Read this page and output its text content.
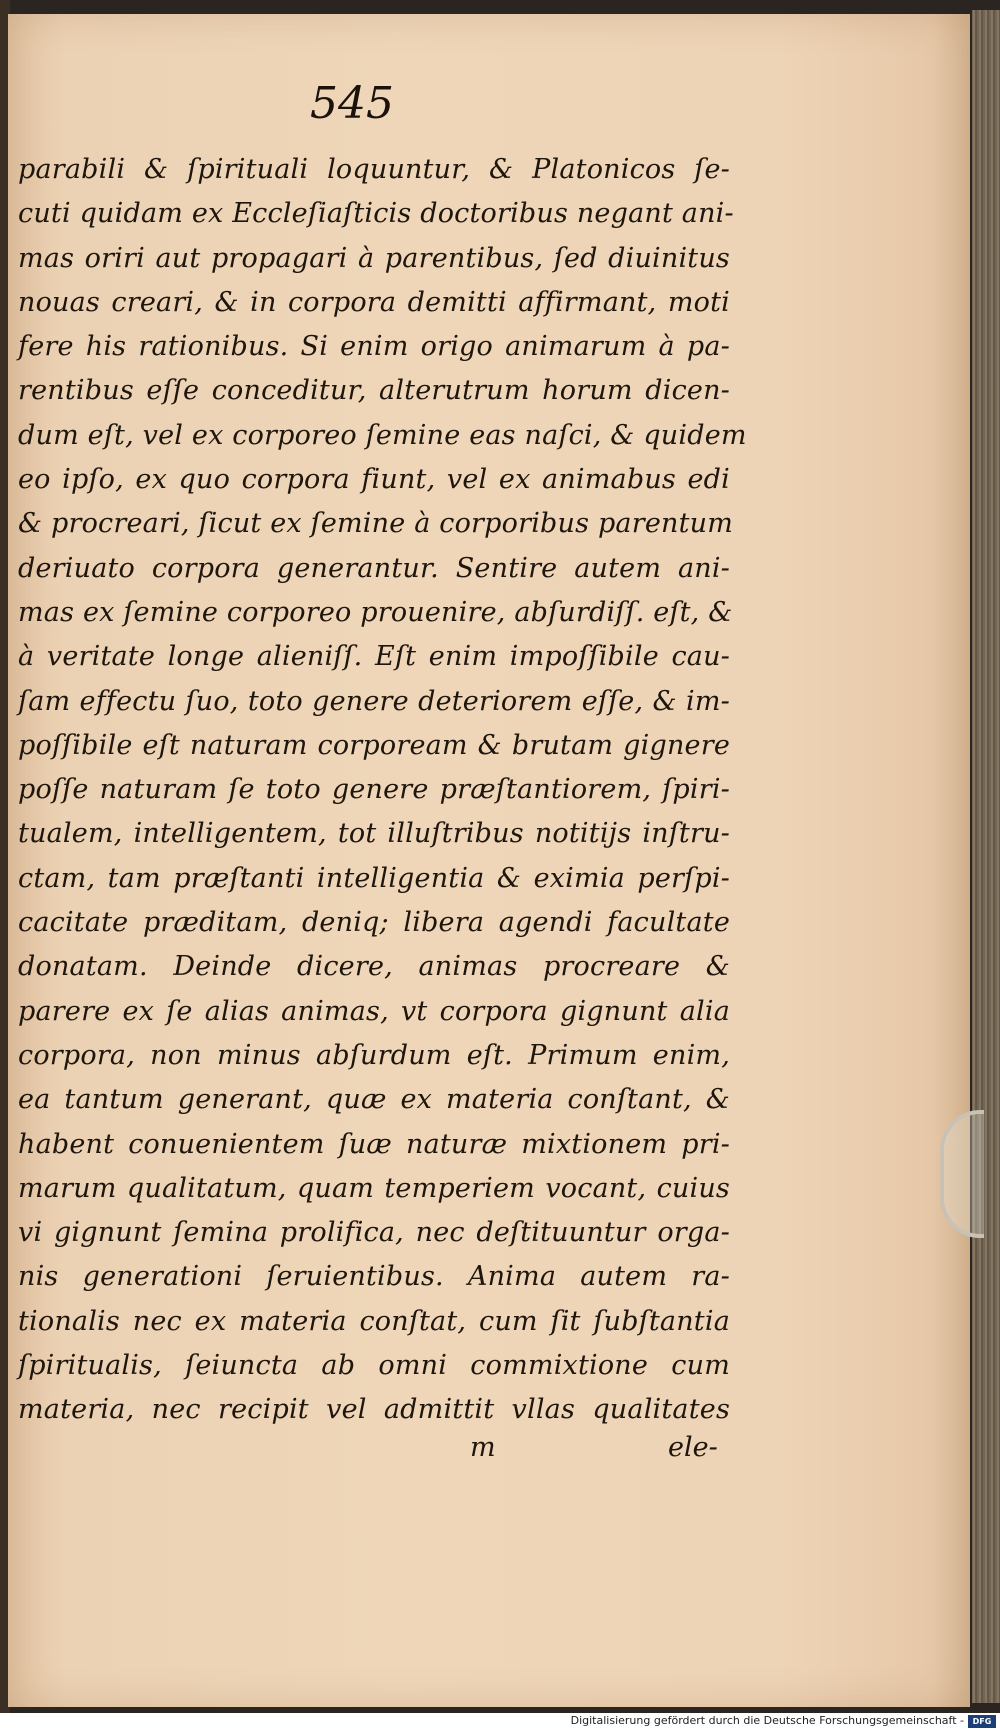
545
parabili & ſpirituali loquuntur, & Platonicos ſe-
cuti quidam ex Eccleſiaſticis doctoribus negant ani-
mas oriri aut propagari à parentibus, ſed diuinitus
nouas creari, & in corpora demitti affirmant, moti
fere his rationibus. Si enim origo animarum à pa-
rentibus eſſe conceditur, alterutrum horum dicen-
dum eſt, vel ex corporeo ſemine eas naſci, & quidem
eo ipſo, ex quo corpora fiunt, vel ex animabus edi
& procreari, ſicut ex ſemine à corporibus parentum
deriuato corpora generantur. Sentire autem ani-
mas ex ſemine corporeo prouenire, abſurdiſſ. eſt, &
à veritate longe alieniſſ. Eſt enim impoſſibile cau-
ſam effectu ſuo, toto genere deteriorem eſſe, & im-
poſſibile eſt naturam corpoream & brutam gignere
poſſe naturam ſe toto genere præſtantiorem, ſpiri-
tualem, intelligentem, tot illuſtribus notitijs inſtru-
ctam, tam præſtanti intelligentia & eximia perſpi-
cacitate præditam, deniq; libera agendi facultate
donatam. Deinde dicere, animas procreare &
parere ex ſe alias animas, vt corpora gignunt alia
corpora, non minus abſurdum eſt. Primum enim,
ea tantum generant, quæ ex materia conſtant, &
habent conuenientem ſuæ naturæ mixtionem pri-
marum qualitatum, quam temperiem vocant, cuius
vi gignunt ſemina prolifica, nec deſtituuntur orga-
nis generationi ſeruientibus. Anima autem ra-
tionalis nec ex materia conſtat, cum ſit ſubſtantia
ſpiritualis, ſeiuncta ab omni commixtione cum
materia, nec recipit vel admittit vllas qualitates
m	ele-
Digitalisierung gefördert durch die Deutsche Forschungsgemeinschaft -	DFG
